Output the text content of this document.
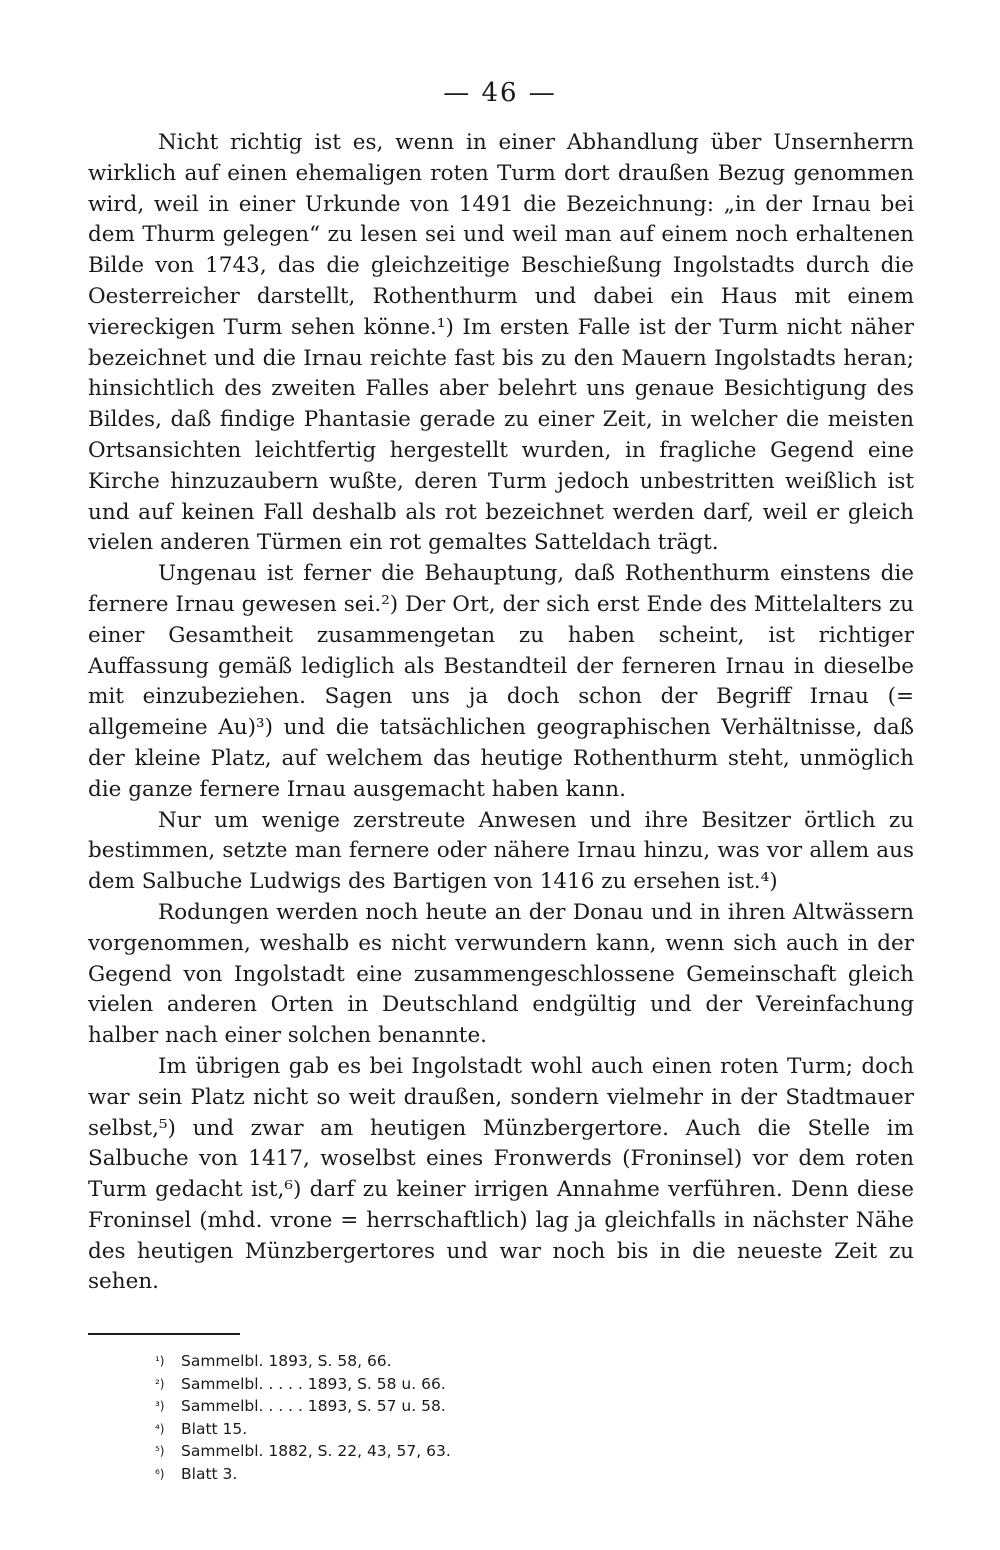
— 46 —

Nicht richtig ist es, wenn in einer Abhandlung über Unsernherrn wirklich auf einen ehemaligen roten Turm dort draußen Bezug genommen wird, weil in einer Urkunde von 1491 die Bezeichnung: „in der Irnau bei dem Thurm gelegen“ zu lesen sei und weil man auf einem noch erhaltenen Bilde von 1743, das die gleichzeitige Beschießung Ingolstadts durch die Oesterreicher darstellt, Rothenthurm und dabei ein Haus mit einem viereckigen Turm sehen könne.¹) Im ersten Falle ist der Turm nicht näher bezeichnet und die Irnau reichte fast bis zu den Mauern Ingolstadts heran; hinsichtlich des zweiten Falles aber belehrt uns genaue Besichtigung des Bildes, daß findige Phantasie gerade zu einer Zeit, in welcher die meisten Ortsansichten leichtfertig hergestellt wurden, in fragliche Gegend eine Kirche hinzuzaubern wußte, deren Turm jedoch unbestritten weißlich ist und auf keinen Fall deshalb als rot bezeichnet werden darf, weil er gleich vielen anderen Türmen ein rot gemaltes Satteldach trägt.

Ungenau ist ferner die Behauptung, daß Rothenthurm einstens die fernere Irnau gewesen sei.²) Der Ort, der sich erst Ende des Mittelalters zu einer Gesamtheit zusammengetan zu haben scheint, ist richtiger Auffassung gemäß lediglich als Bestandteil der ferneren Irnau in dieselbe mit einzubeziehen. Sagen uns ja doch schon der Begriff Irnau (= allgemeine Au)³) und die tatsächlichen geographischen Verhältnisse, daß der kleine Platz, auf welchem das heutige Rothenthurm steht, unmöglich die ganze fernere Irnau ausgemacht haben kann.

Nur um wenige zerstreute Anwesen und ihre Besitzer örtlich zu bestimmen, setzte man fernere oder nähere Irnau hinzu, was vor allem aus dem Salbuche Ludwigs des Bartigen von 1416 zu ersehen ist.⁴)

Rodungen werden noch heute an der Donau und in ihren Altwässern vorgenommen, weshalb es nicht verwundern kann, wenn sich auch in der Gegend von Ingolstadt eine zusammengeschlossene Gemeinschaft gleich vielen anderen Orten in Deutschland endgültig und der Vereinfachung halber nach einer solchen benannte.

Im übrigen gab es bei Ingolstadt wohl auch einen roten Turm; doch war sein Platz nicht so weit draußen, sondern vielmehr in der Stadtmauer selbst,⁵) und zwar am heutigen Münzbergertore. Auch die Stelle im Salbuche von 1417, woselbst eines Fronwerds (Froninsel) vor dem roten Turm gedacht ist,⁶) darf zu keiner irrigen Annahme verführen. Denn diese Froninsel (mhd. vrone = herrschaftlich) lag ja gleichfalls in nächster Nähe des heutigen Münzbergertores und war noch bis in die neueste Zeit zu sehen.

¹)	Sammelbl. 1893, S. 58, 66.
²)	Sammelbl. . . . . 1893, S. 58 u. 66.
³)	Sammelbl. . . . . 1893, S. 57 u. 58.
⁴)	Blatt 15.
⁵)	Sammelbl. 1882, S. 22, 43, 57, 63.
⁶)	Blatt 3.
